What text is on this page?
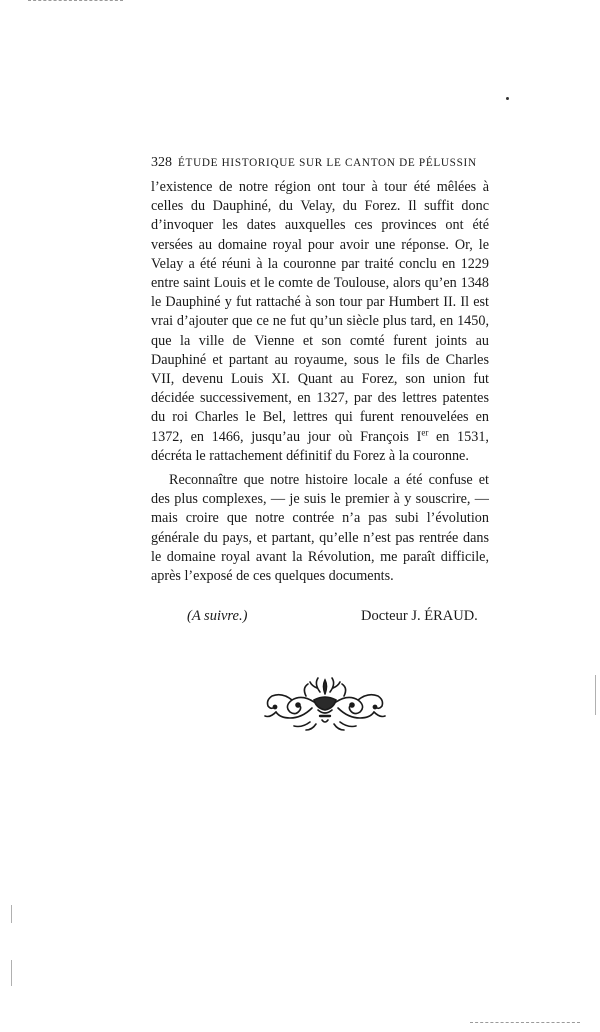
328 ÉTUDE HISTORIQUE SUR LE CANTON DE PÉLUSSIN

l’existence de notre région ont tour à tour été mêlées à celles du Dauphiné, du Velay, du Forez. Il suffit donc d’invoquer les dates auxquelles ces provinces ont été versées au domaine royal pour avoir une réponse. Or, le Velay a été réuni à la couronne par traité conclu en 1229 entre saint Louis et le comte de Toulouse, alors qu’en 1348 le Dauphiné y fut rattaché à son tour par Humbert II. Il est vrai d’ajouter que ce ne fut qu’un siècle plus tard, en 1450, que la ville de Vienne et son comté furent joints au Dauphiné et partant au royaume, sous le fils de Charles VII, devenu Louis XI. Quant au Forez, son union fut décidée successivement, en 1327, par des lettres patentes du roi Charles le Bel, lettres qui furent renouvelées en 1372, en 1466, jusqu’au jour où François Ier en 1531, décréta le rattachement définitif du Forez à la couronne.

Reconnaître que notre histoire locale a été confuse et des plus complexes, — je suis le premier à y souscrire, — mais croire que notre contrée n’a pas subi l’évolution générale du pays, et partant, qu’elle n’est pas rentrée dans le domaine royal avant la Révolution, me paraît difficile, après l’exposé de ces quelques documents.

(A suivre.)	Docteur J. ÉRAUD.
